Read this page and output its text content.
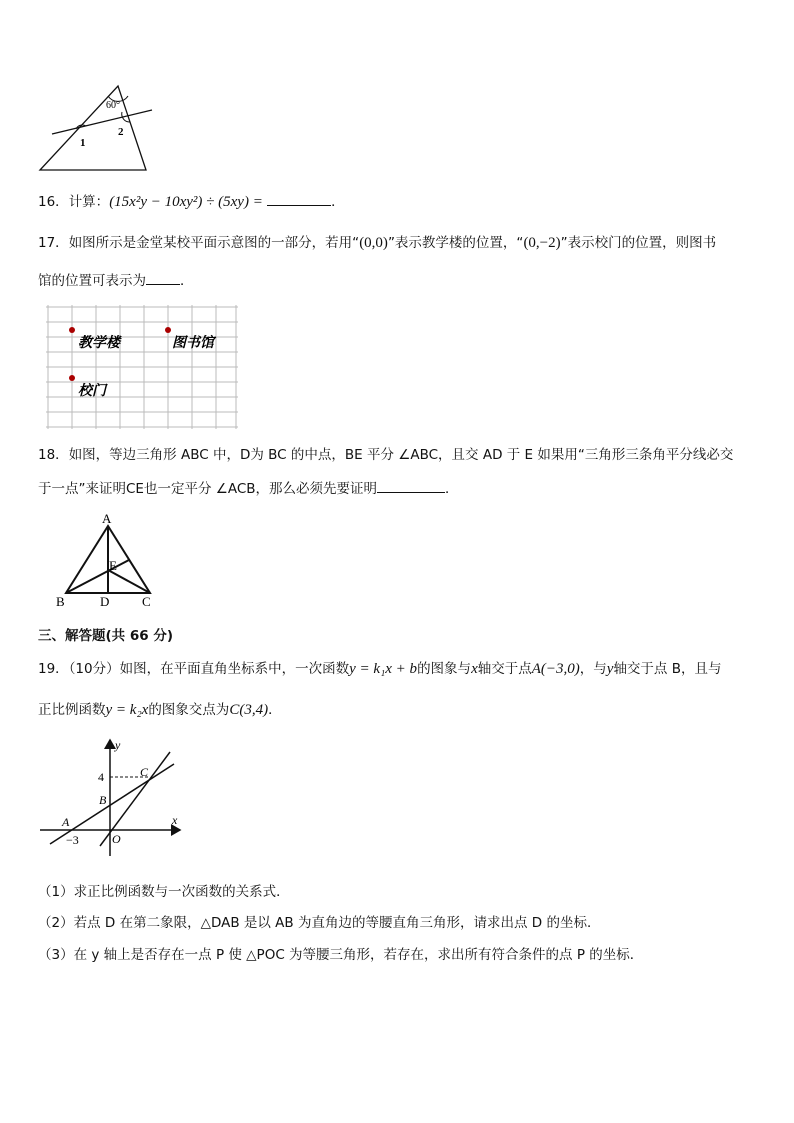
60°
1
2
16．计算：(15x²y − 10xy²) ÷ (5xy) =	．
17．如图所示是金堂某校平面示意图的一部分，若用“(0,0)”表示教学楼的位置，“(0,−2)”表示校门的位置，则图书
馆的位置可表示为	．
教学楼	图书馆
校门
18．如图，等边三角形 ABC 中，D为 BC 的中点，BE 平分 ∠ABC，且交 AD 于 E 如果用“三角形三条角平分线必交
于一点”来证明CE也一定平分 ∠ACB，那么必须先要证明	．
A
B	C
D
E
三、解答题(共 66 分)
19．（10分）如图，在平面直角坐标系中，一次函数y = k₁x + b的图象与x轴交于点A(−3,0)，与y轴交于点 B，且与
正比例函数y = k₂x的图象交点为C(3,4)．
y
x
4	C
B
A
−3	O
（1）求正比例函数与一次函数的关系式．
（2）若点 D 在第二象限，△DAB 是以 AB 为直角边的等腰直角三角形，请求出点 D 的坐标．
（3）在 y 轴上是否存在一点 P 使 △POC 为等腰三角形，若存在，求出所有符合条件的点 P 的坐标．
